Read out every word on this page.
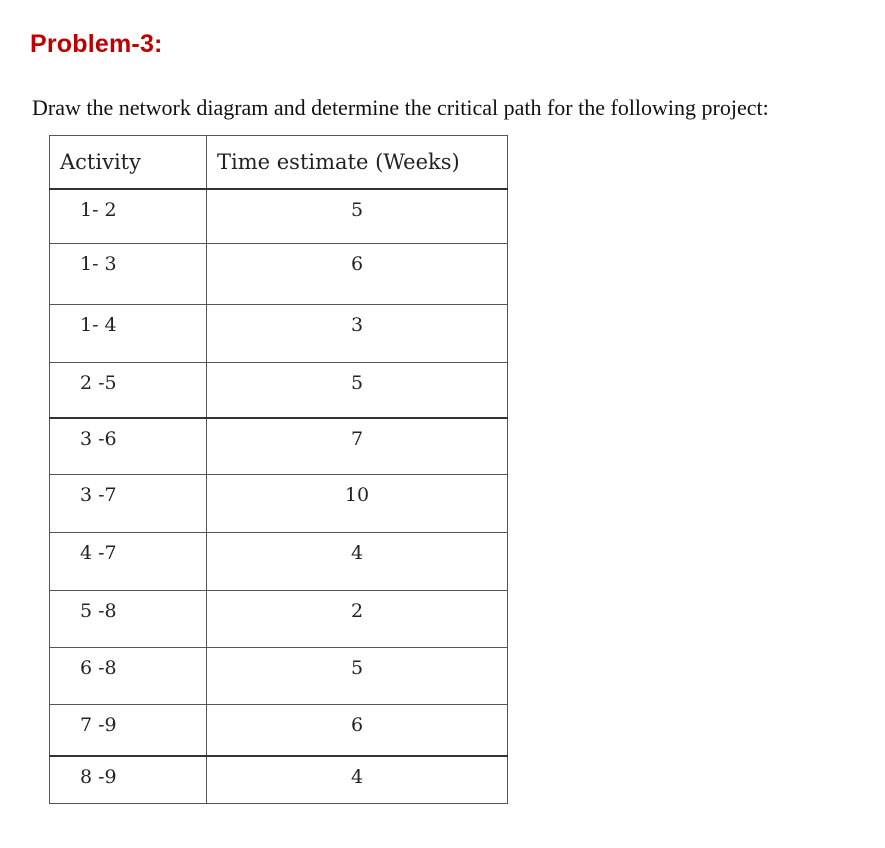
Problem-3:

Draw the network diagram and determine the critical path for the following project:

Activity	Time estimate (Weeks)
1- 2	5
1- 3	6
1- 4	3
2 -5	5
3 -6	7
3 -7	10
4 -7	4
5 -8	2
6 -8	5
7 -9	6
8 -9	4
